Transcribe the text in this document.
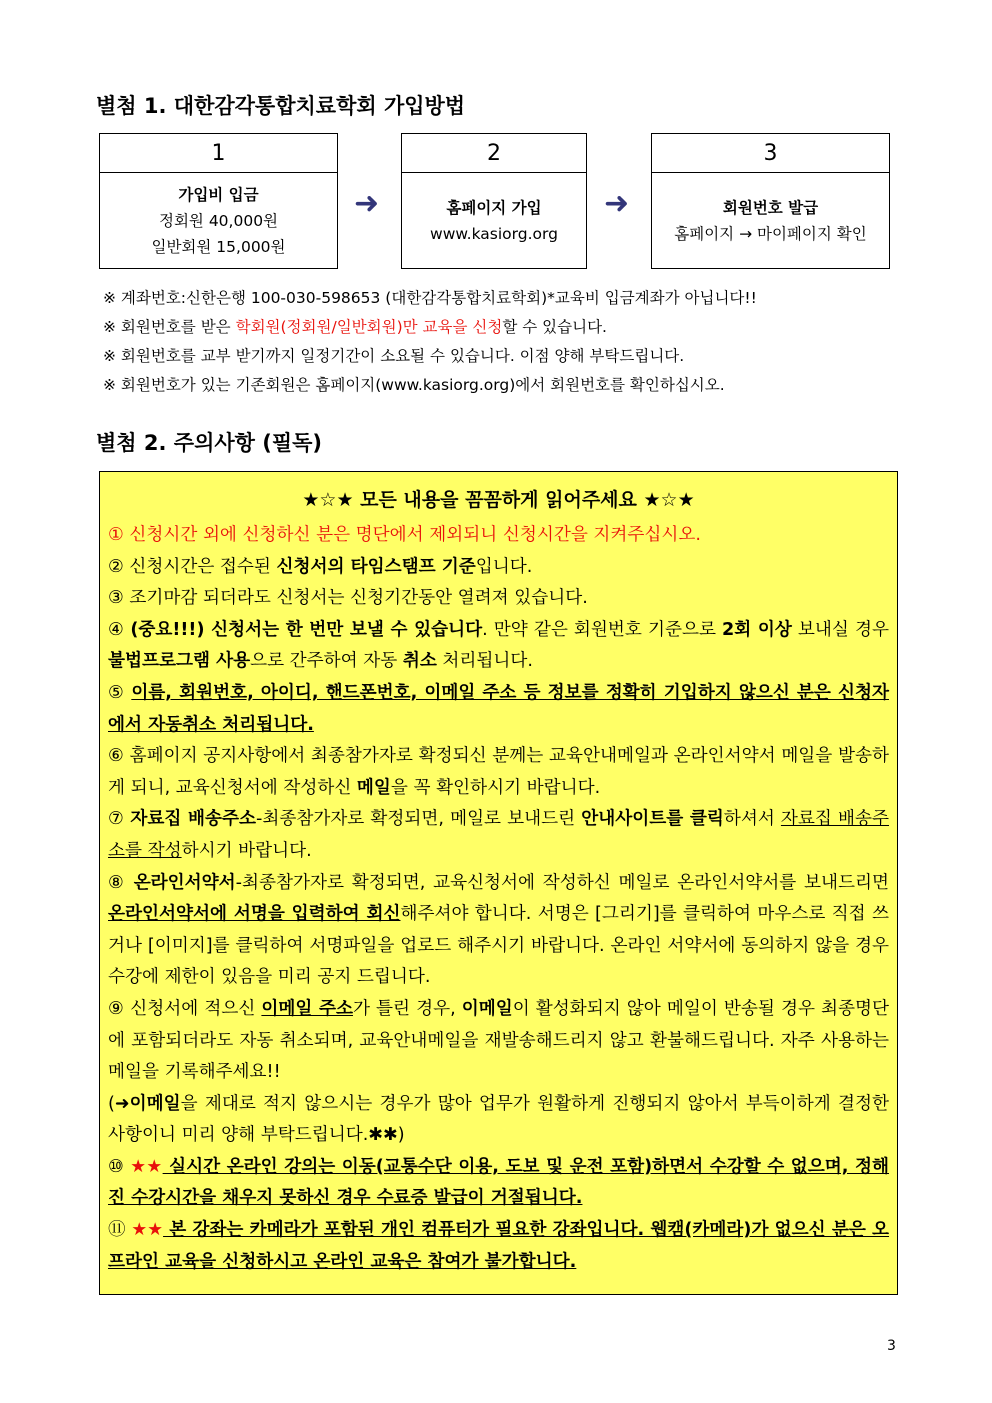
별첨 1. 대한감각통합치료학회 가입방법
1
가입비 입금
정회원 40,000원
일반회원 15,000원
➜
2
홈페이지 가입
www.kasiorg.org
➜
3
회원번호 발급
홈페이지 → 마이페이지 확인
※ 계좌번호:신한은행 100-030-598653 (대한감각통합치료학회)*교육비 입금계좌가 아닙니다!!
※ 회원번호를 받은 학회원(정회원/일반회원)만 교육을 신청할 수 있습니다.
※ 회원번호를 교부 받기까지 일정기간이 소요될 수 있습니다. 이점 양해 부탁드립니다.
※ 회원번호가 있는 기존회원은 홈페이지(www.kasiorg.org)에서 회원번호를 확인하십시오.
별첨 2. 주의사항 (필독)
★☆★ 모든 내용을 꼼꼼하게 읽어주세요 ★☆★

① 신청시간 외에 신청하신 분은 명단에서 제외되니 신청시간을 지켜주십시오.

② 신청시간은 접수된 신청서의 타임스탬프 기준입니다.

③ 조기마감 되더라도 신청서는 신청기간동안 열려져 있습니다.

④ (중요!!!) 신청서는 한 번만 보낼 수 있습니다. 만약 같은 회원번호 기준으로 2회 이상 보내실 경우 불법프로그램 사용으로 간주하여 자동 취소 처리됩니다.

⑤ 이름, 회원번호, 아이디, 핸드폰번호, 이메일 주소 등 정보를 정확히 기입하지 않으신 분은 신청자에서 자동취소 처리됩니다.

⑥ 홈페이지 공지사항에서 최종참가자로 확정되신 분께는 교육안내메일과 온라인서약서 메일을 발송하게 되니, 교육신청서에 작성하신 메일을 꼭 확인하시기 바랍니다.

⑦ 자료집 배송주소-최종참가자로 확정되면, 메일로 보내드린 안내사이트를 클릭하셔서 자료집 배송주소를 작성하시기 바랍니다.

⑧ 온라인서약서-최종참가자로 확정되면, 교육신청서에 작성하신 메일로 온라인서약서를 보내드리면 온라인서약서에 서명을 입력하여 회신해주셔야 합니다. 서명은 [그리기]를 클릭하여 마우스로 직접 쓰거나 [이미지]를 클릭하여 서명파일을 업로드 해주시기 바랍니다. 온라인 서약서에 동의하지 않을 경우 수강에 제한이 있음을 미리 공지 드립니다.

⑨ 신청서에 적으신 이메일 주소가 틀린 경우, 이메일이 활성화되지 않아 메일이 반송될 경우 최종명단에 포함되더라도 자동 취소되며, 교육안내메일을 재발송해드리지 않고 환불해드립니다. 자주 사용하는 메일을 기록해주세요!!

(➜이메일을 제대로 적지 않으시는 경우가 많아 업무가 원활하게 진행되지 않아서 부득이하게 결정한 사항이니 미리 양해 부탁드립니다.✱✱)

⑩ ★★ 실시간 온라인 강의는 이동(교통수단 이용, 도보 및 운전 포함)하면서 수강할 수 없으며, 정해진 수강시간을 채우지 못하신 경우 수료증 발급이 거절됩니다.

⑪ ★★ 본 강좌는 카메라가 포함된 개인 컴퓨터가 필요한 강좌입니다. 웹캠(카메라)가 없으신 분은 오프라인 교육을 신청하시고 온라인 교육은 참여가 불가합니다.

3
